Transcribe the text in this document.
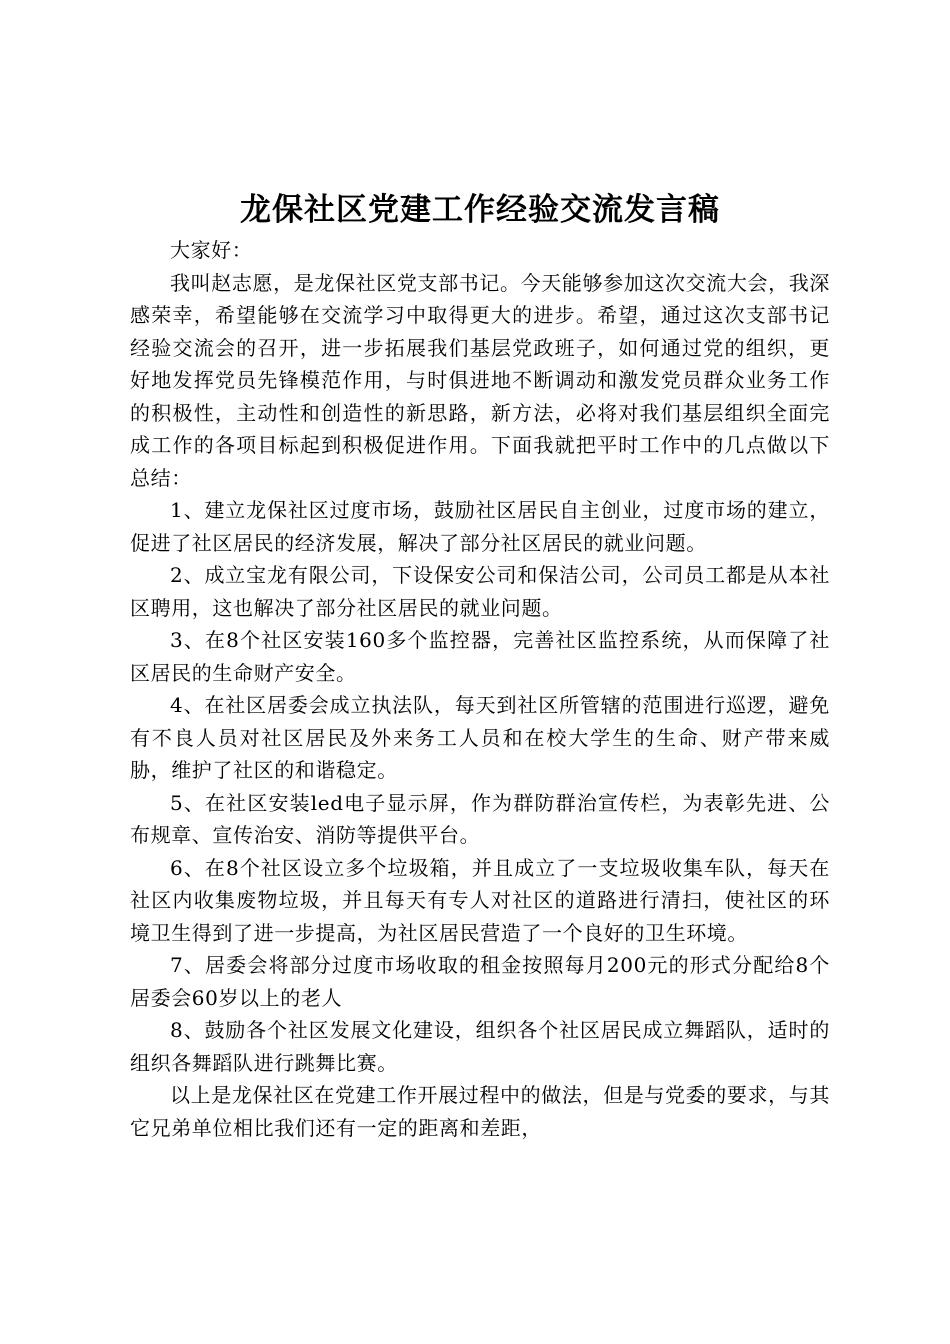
龙保社区党建工作经验交流发言稿

大家好：

我叫赵志愿，是龙保社区党支部书记。今天能够参加这次交流大会，我深感荣幸，希望能够在交流学习中取得更大的进步。希望，通过这次支部书记经验交流会的召开，进一步拓展我们基层党政班子，如何通过党的组织，更好地发挥党员先锋模范作用，与时俱进地不断调动和激发党员群众业务工作的积极性，主动性和创造性的新思路，新方法，必将对我们基层组织全面完成工作的各项目标起到积极促进作用。下面我就把平时工作中的几点做以下总结：

1、建立龙保社区过度市场，鼓励社区居民自主创业，过度市场的建立，促进了社区居民的经济发展，解决了部分社区居民的就业问题。

2、成立宝龙有限公司，下设保安公司和保洁公司，公司员工都是从本社区聘用，这也解决了部分社区居民的就业问题。

3、在8个社区安装160多个监控器，完善社区监控系统，从而保障了社区居民的生命财产安全。

4、在社区居委会成立执法队，每天到社区所管辖的范围进行巡逻，避免有不良人员对社区居民及外来务工人员和在校大学生的生命、财产带来威胁，维护了社区的和谐稳定。

5、在社区安装led电子显示屏，作为群防群治宣传栏，为表彰先进、公布规章、宣传治安、消防等提供平台。

6、在8个社区设立多个垃圾箱，并且成立了一支垃圾收集车队，每天在社区内收集废物垃圾，并且每天有专人对社区的道路进行清扫，使社区的环境卫生得到了进一步提高，为社区居民营造了一个良好的卫生环境。

7、居委会将部分过度市场收取的租金按照每月200元的形式分配给8个居委会60岁以上的老人

8、鼓励各个社区发展文化建设，组织各个社区居民成立舞蹈队，适时的组织各舞蹈队进行跳舞比赛。

以上是龙保社区在党建工作开展过程中的做法，但是与党委的要求，与其它兄弟单位相比我们还有一定的距离和差距，
